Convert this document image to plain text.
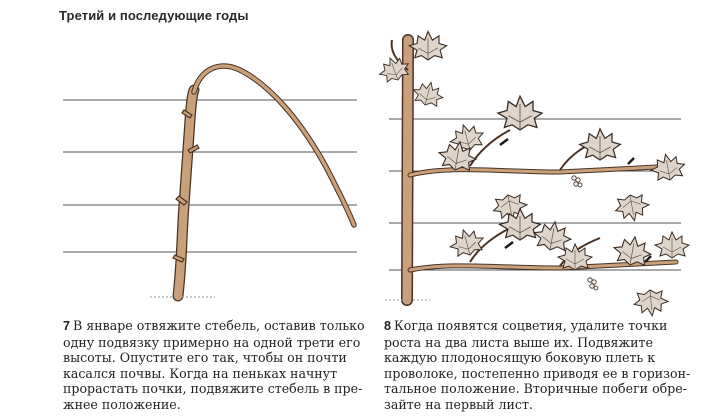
Третий и последующие годы
7 В январе отвяжите стебель, оставив только
одну подвязку примерно на одной трети его
высоты. Опустите его так, чтобы он почти
касался почвы. Когда на пеньках начнут
прорастать почки, подвяжите стебель в пре-
жнее положение.
8 Когда появятся соцветия, удалите точки
роста на два листа выше их. Подвяжите
каждую плодоносящую боковую плеть к
проволоке, постепенно приводя ее в горизон-
тальное положение. Вторичные побеги обре-
зайте на первый лист.
